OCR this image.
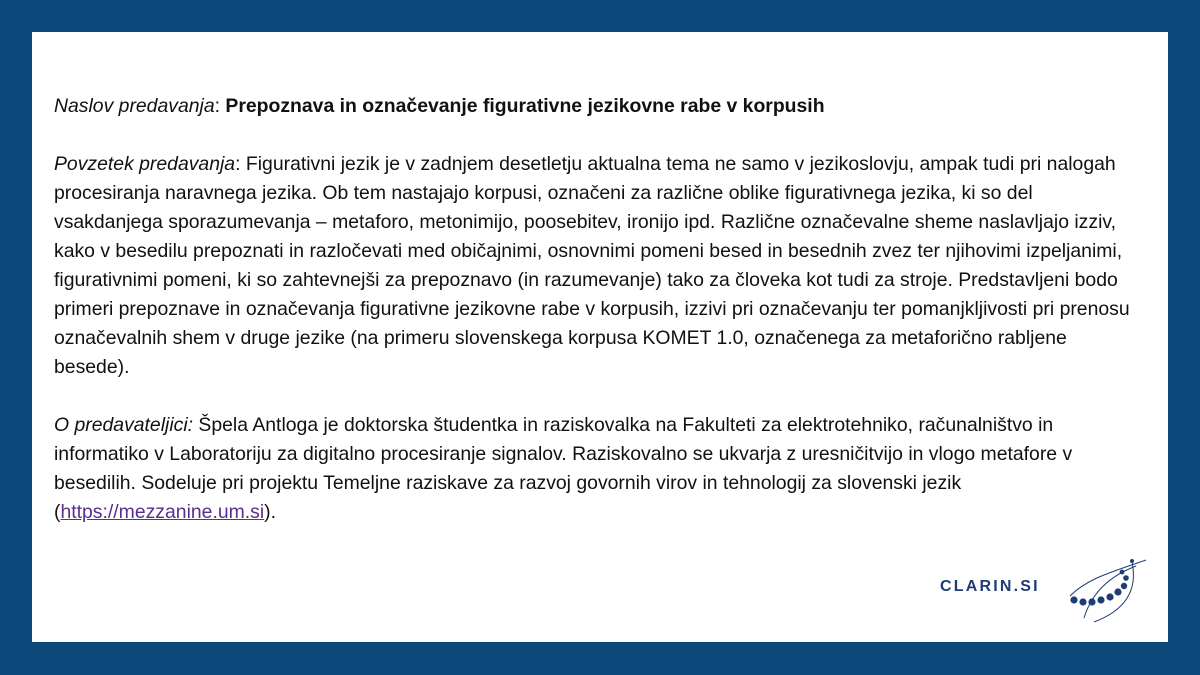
Naslov predavanja: Prepoznava in označevanje figurativne jezikovne rabe v korpusih

Povzetek predavanja: Figurativni jezik je v zadnjem desetletju aktualna tema ne samo v jezikoslovju, ampak tudi pri nalogah procesiranja naravnega jezika. Ob tem nastajajo korpusi, označeni za različne oblike figurativnega jezika, ki so del vsakdanjega sporazumevanja – metaforo, metonimijo, poosebitev, ironijo ipd. Različne označevalne sheme naslavljajo izziv, kako v besedilu prepoznati in razločevati med običajnimi, osnovnimi pomeni besed in besednih zvez ter njihovimi izpeljanimi, figurativnimi pomeni, ki so zahtevnejši za prepoznavo (in razumevanje) tako za človeka kot tudi za stroje. Predstavljeni bodo primeri prepoznave in označevanja figurativne jezikovne rabe v korpusih, izzivi pri označevanju ter pomanjkljivosti pri prenosu označevalnih shem v druge jezike (na primeru slovenskega korpusa KOMET 1.0, označenega za metaforično rabljene besede).

O predavateljici: Špela Antloga je doktorska študentka in raziskovalka na Fakulteti za elektrotehniko, računalništvo in informatiko v Laboratoriju za digitalno procesiranje signalov. Raziskovalno se ukvarja z uresničitvijo in vlogo metafore v besedilih. Sodeluje pri projektu Temeljne raziskave za razvoj govornih virov in tehnologij za slovenski jezik (https://mezzanine.um.si).

CLARIN.SI
